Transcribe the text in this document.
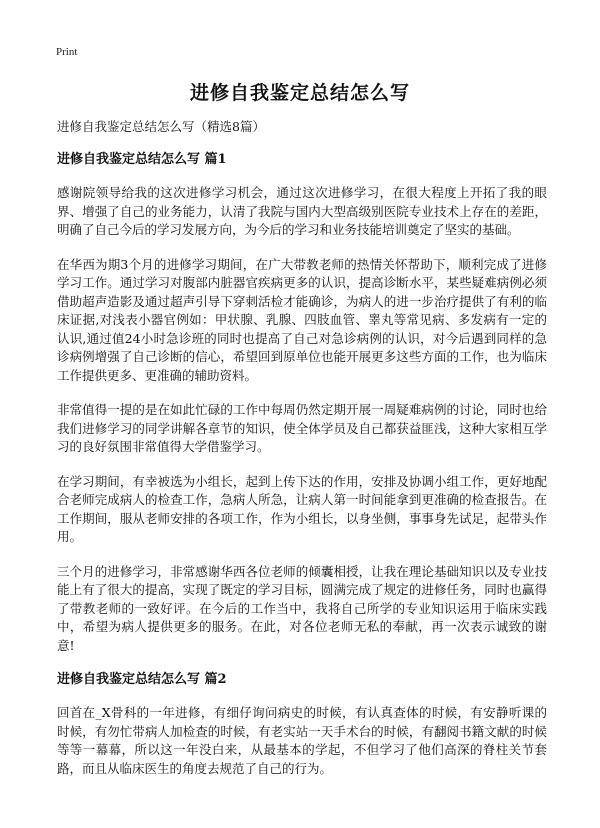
Print
进修自我鉴定总结怎么写
进修自我鉴定总结怎么写（精选8篇）
进修自我鉴定总结怎么写 篇1

感谢院领导给我的这次进修学习机会，通过这次进修学习，在很大程度上开拓了我的眼界、增强了自己的业务能力，认清了我院与国内大型高级别医院专业技术上存在的差距，明确了自己今后的学习发展方向，为今后的学习和业务技能培训奠定了坚实的基础。

在华西为期3个月的进修学习期间，在广大带教老师的热情关怀帮助下，顺利完成了进修学习工作。通过学习对腹部内脏器官疾病更多的认识，提高诊断水平，某些疑难病例必须借助超声造影及通过超声引导下穿刺活检才能确诊，为病人的进一步治疗提供了有利的临床证据,对浅表小器官例如：甲状腺、乳腺、四肢血管、睾丸等常见病、多发病有一定的认识,通过值24小时急诊班的同时也提高了自己对急诊病例的认识，对今后遇到同样的急诊病例增强了自己诊断的信心，希望回到原单位也能开展更多这些方面的工作，也为临床工作提供更多、更准确的辅助资料。

非常值得一提的是在如此忙碌的工作中每周仍然定期开展一周疑难病例的讨论，同时也给我们进修学习的同学讲解各章节的知识，使全体学员及自己都获益匪浅，这种大家相互学习的良好氛围非常值得大学借鉴学习。

在学习期间，有幸被选为小组长，起到上传下达的作用，安排及协调小组工作，更好地配合老师完成病人的检查工作，急病人所急，让病人第一时间能拿到更准确的检查报告。在工作期间，服从老师安排的各项工作，作为小组长，以身坐侧，事事身先试足，起带头作用。

三个月的进修学习，非常感谢华西各位老师的倾囊相授，让我在理论基础知识以及专业技能上有了很大的提高，实现了既定的学习目标，圆满完成了规定的进修任务，同时也赢得了带教老师的一致好评。在今后的工作当中，我将自己所学的专业知识运用于临床实践中，希望为病人提供更多的服务。在此，对各位老师无私的奉献，再一次表示诚致的谢意!

进修自我鉴定总结怎么写 篇2

回首在_X骨科的一年进修，有细仔询问病史的时候，有认真查体的时候，有安静听课的时候，有勿忙带病人加检查的时候，有老实站一天手术台的时候，有翻阅书籍文献的时候等等一幕幕，所以这一年没白来，从最基本的学起，不但学习了他们高深的脊柱关节套路，而且从临床医生的角度去规范了自己的行为。
